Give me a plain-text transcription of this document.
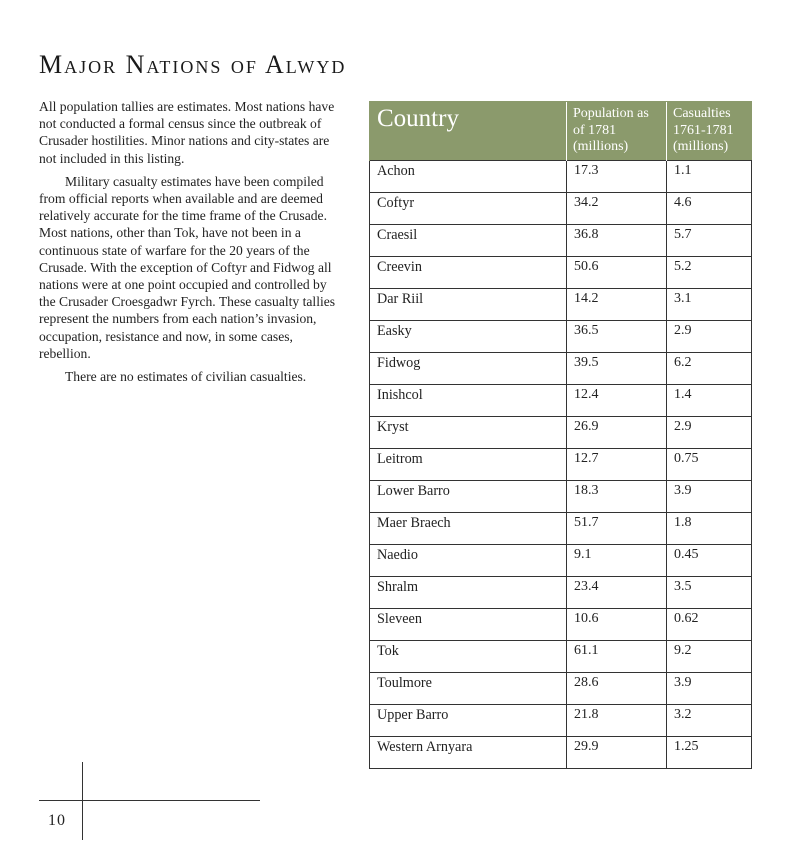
Major Nations of Alwyd

All population tallies are estimates. Most nations have not conducted a formal census since the outbreak of Crusader hostilities. Minor nations and city-states are not included in this listing.

Military casualty estimates have been compiled from official reports when available and are deemed relatively accurate for the time frame of the Crusade. Most nations, other than Tok, have not been in a continuous state of warfare for the 20 years of the Crusade. With the exception of Coftyr and Fidwog all nations were at one point occupied and controlled by the Crusader Croesgadwr Fyrch. These casualty tallies represent the numbers from each nation’s invasion, occupation, resistance and now, in some cases, rebellion.

There are no estimates of civilian casualties.

Country	Population as of 1781 (millions)	Casualties 1761-1781 (millions)
Achon	17.3	1.1
Coftyr	34.2	4.6
Craesil	36.8	5.7
Creevin	50.6	5.2
Dar Riil	14.2	3.1
Easky	36.5	2.9
Fidwog	39.5	6.2
Inishcol	12.4	1.4
Kryst	26.9	2.9
Leitrom	12.7	0.75
Lower Barro	18.3	3.9
Maer Braech	51.7	1.8
Naedio	9.1	0.45
Shralm	23.4	3.5
Sleveen	10.6	0.62
Tok	61.1	9.2
Toulmore	28.6	3.9
Upper Barro	21.8	3.2
Western Arnyara	29.9	1.25
10
